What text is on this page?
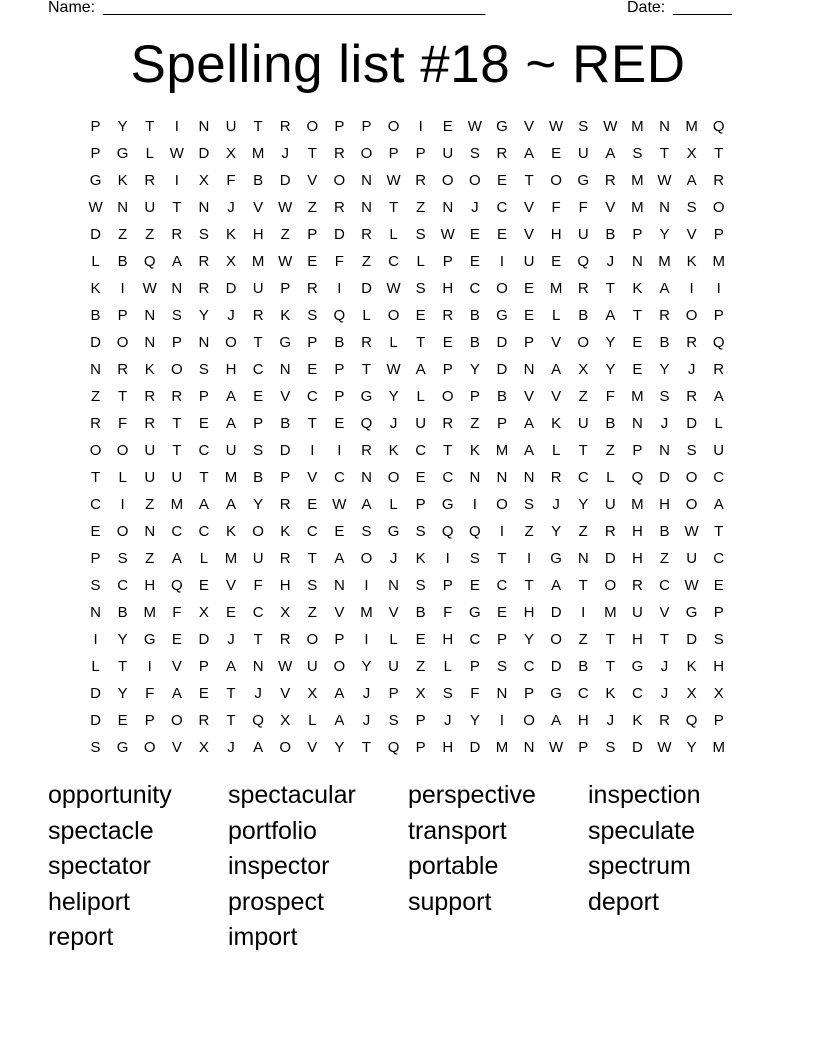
Name: ______________________________________________	Date: _______
Spelling list #18 ~ RED
P	Y	T	I	N	U	T	R	O	P	P	O	I	E	W G	V	W	S	W M	N	M	Q
P	G	L	W D	X	M	J	T	R	O	P	P	U	S	R	A	E	U	A	S	T	X	T
G	K	R	I	X	F	B	D	V	O	N W R	O	O	E	T	O	G	R	M W	A	R
W N	U	T	N	J	V	W	Z	R	N	T	Z	N	J	C	V	F	F	V	M	N	S	O
D	Z	Z	R	S	K	H	Z	P	D	R	L	S	W	E	E	V	H	U	B	P	Y	V	P
L	B	Q	A	R	X	M W	E	F	Z	C	L	P	E	I	U	E	Q	J	N	M	K	M
K	I	W N	R	D	U	P	R	I	D W	S	H	C	O	E	M	R	T	K	A	I	I
B	P	N	S	Y	J	R	K	S	Q	L	O	E	R	B	G	E	L	B	A	T	R	O	P
D	O	N	P	N	O	T	G	P	B	R	L	T	E	B	D	P	V	O	Y	E	B	R	Q
N	R	K	O	S	H	C	N	E	P	T	W	A	P	Y	D	N	A	X	Y	E	Y	J	R
Z	T	R	R	P	A	E	V	C	P	G	Y	L	O	P	B	V	V	Z	F	M	S	R	A
R	F	R	T	E	A	P	B	T	E	Q	J	U	R	Z	P	A	K	U	B	N	J	D	L
O	O	U	T	C	U	S	D	I	I	R	K	C	T	K	M	A	L	T	Z	P	N	S	U
T	L	U	U	T	M	B	P	V	C	N	O	E	C	N	N	N	R	C	L	Q	D	O	C
C	I	Z	M	A	A	Y	R	E	W	A	L	P	G	I	O	S	J	Y	U	M	H	O	A
E	O	N	C	C	K	O	K	C	E	S	G	S	Q	Q	I	Z	Y	Z	R	H	B	W	T
P	S	Z	A	L	M	U	R	T	A	O	J	K	I	S	T	I	G	N	D	H	Z	U	C
S	C	H	Q	E	V	F	H	S	N	I	N	S	P	E	C	T	A	T	O	R	C W	E
N	B	M	F	X	E	C	X	Z	V	M	V	B	F	G	E	H	D	I	M	U	V	G	P
I	Y	G	E	D	J	T	R	O	P	I	L	E	H	C	P	Y	O	Z	T	H	T	D	S
L	T	I	V	P	A	N W U	O	Y	U	Z	L	P	S	C	D	B	T	G	J	K	H
D	Y	F	A	E	T	J	V	X	A	J	P	X	S	F	N	P	G	C	K	C	J	X	X
D	E	P	O	R	T	Q	X	L	A	J	S	P	J	Y	I	O	A	H	J	K	R	Q	P
S	G	O	V	X	J	A	O	V	Y	T	Q	P	H	D	M	N W	P	S	D W	Y	M
opportunity	spectacular	perspective	inspection
spectacle	portfolio	transport	speculate
spectator	inspector	portable	spectrum
heliport	prospect	support	deport
report	import
